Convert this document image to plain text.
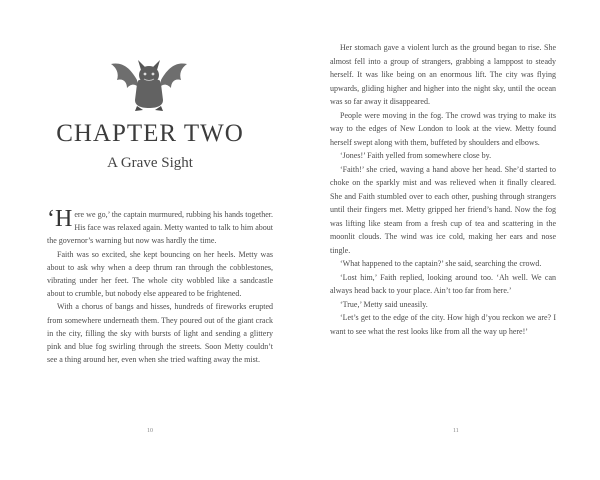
CHAPTER TWO
A Grave Sight

‘Here we go,’ the captain murmured, rubbing his hands together. His face was relaxed again. Metty wanted to talk to him about the governor’s warning but now was hardly the time.

Faith was so excited, she kept bouncing on her heels. Metty was about to ask why when a deep thrum ran through the cobblestones, vibrating under her feet. The whole city wobbled like a sandcastle about to crumble, but nobody else appeared to be frightened.

With a chorus of bangs and hisses, hundreds of fireworks erupted from somewhere underneath them. They poured out of the giant crack in the city, filling the sky with bursts of light and sending a glittery pink and blue fog swirling through the streets. Soon Metty couldn’t see a thing around her, even when she tried wafting away the mist.

10

Her stomach gave a violent lurch as the ground began to rise. She almost fell into a group of strangers, grabbing a lamppost to steady herself. It was like being on an enormous lift. The city was flying upwards, gliding higher and higher into the night sky, until the ocean was so far away it disappeared.

People were moving in the fog. The crowd was trying to make its way to the edges of New London to look at the view. Metty found herself swept along with them, buffeted by shoulders and elbows.

‘Jones!’ Faith yelled from somewhere close by.

‘Faith!’ she cried, waving a hand above her head. She’d started to choke on the sparkly mist and was relieved when it finally cleared. She and Faith stumbled over to each other, pushing through strangers until their fingers met. Metty gripped her friend’s hand. Now the fog was lifting like steam from a fresh cup of tea and scattering in the moonlit clouds. The wind was ice cold, making her ears and nose tingle.

‘What happened to the captain?’ she said, searching the crowd.

‘Lost him,’ Faith replied, looking around too. ‘Ah well. We can always head back to your place. Ain’t too far from here.’

‘True,’ Metty said uneasily.

‘Let’s get to the edge of the city. How high d’you reckon we are? I want to see what the rest looks like from all the way up here!’

11
